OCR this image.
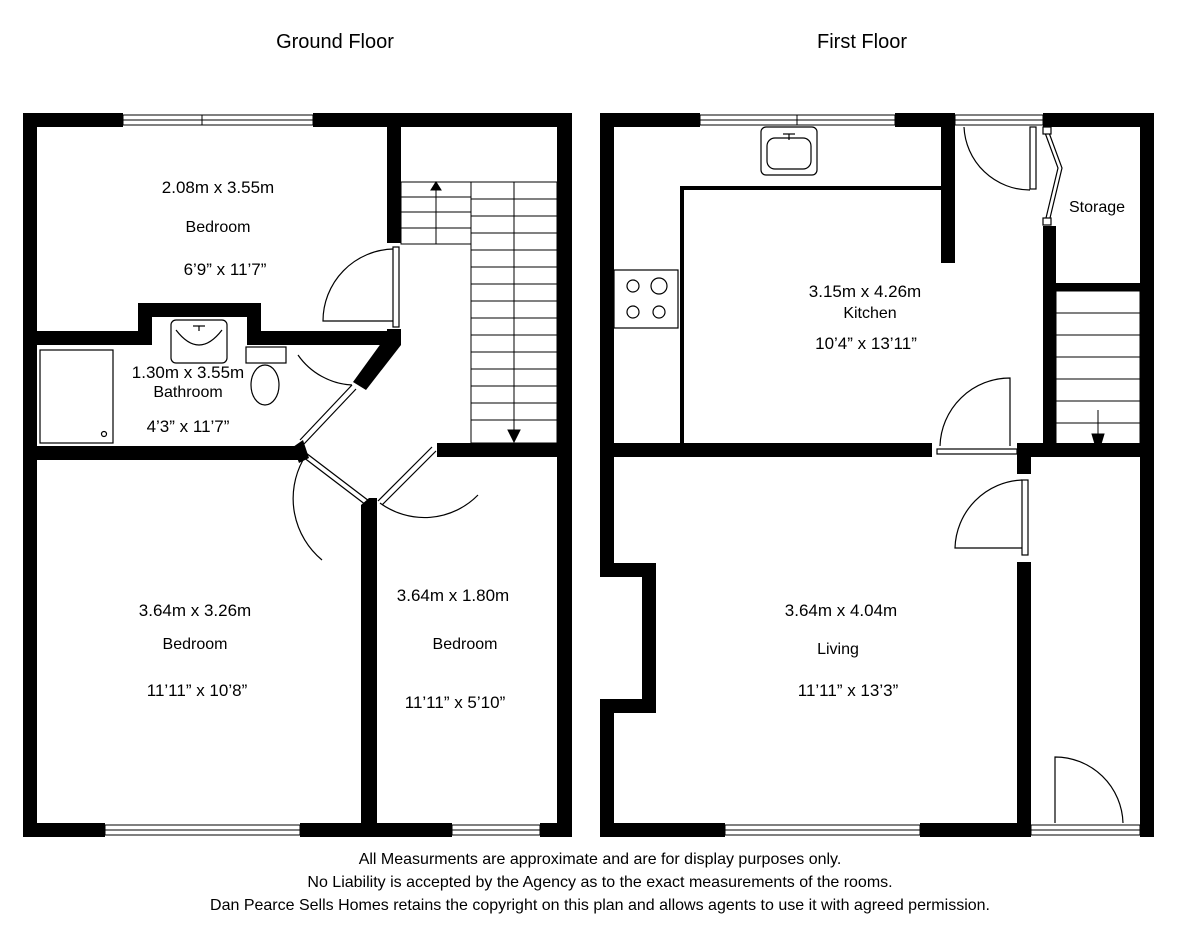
Ground Floor
2.08m x 3.55m
Bedroom
6’9” x 11’7”
1.30m x 3.55m
Bathroom
4’3” x 11’7”
3.64m x 3.26m
Bedroom
11’11” x 10’8”
3.64m x 1.80m
Bedroom
11’11” x 5’10”
First Floor
Storage
3.15m x 4.26m
Kitchen
10’4” x 13’11”
3.64m x 4.04m
Living
11’11” x 13’3”
All Measurments are approximate and are for display purposes only.
No Liability is accepted by the Agency as to the exact measurements of the rooms.
Dan Pearce Sells Homes retains the copyright on this plan and allows agents to use it with agreed permission.
